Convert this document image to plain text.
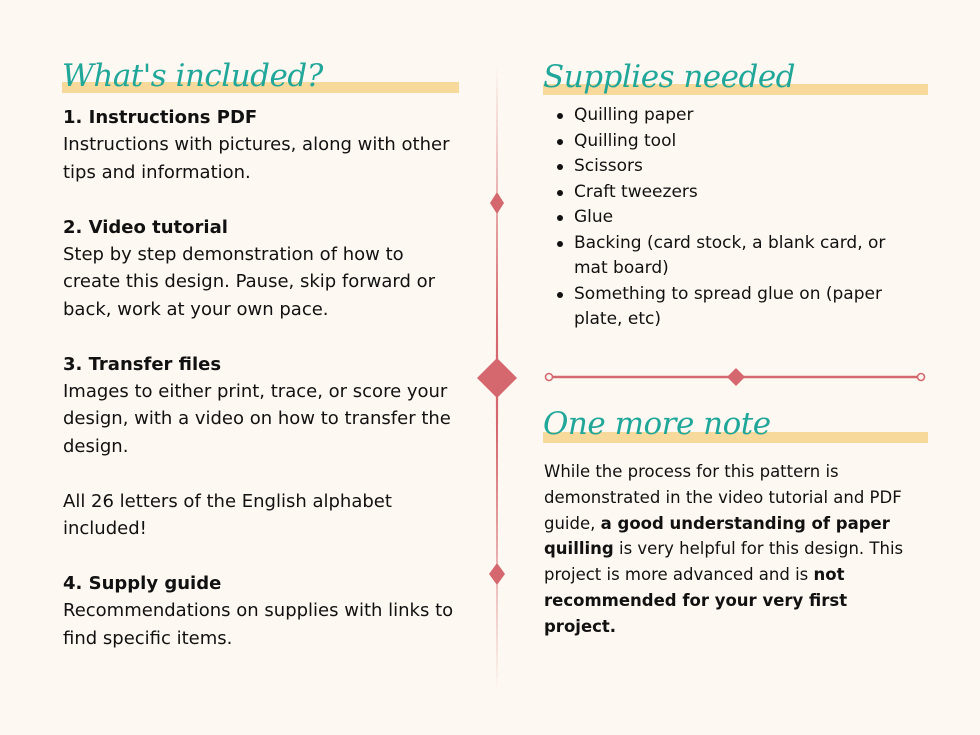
What's included?
1. Instructions PDF
Instructions with pictures, along with other tips and information.
2. Video tutorial
Step by step demonstration of how to create this design. Pause, skip forward or back, work at your own pace.
3. Transfer files
Images to either print, trace, or score your design, with a video on how to transfer the design.
All 26 letters of the English alphabet included!
4. Supply guide
Recommendations on supplies with links to find specific items.
Supplies needed
Quilling paper
Quilling tool
Scissors
Craft tweezers
Glue
Backing (card stock, a blank card, or mat board)
Something to spread glue on (paper plate, etc)
One more note
While the process for this pattern is demonstrated in the video tutorial and PDF guide, a good understanding of paper quilling is very helpful for this design. This project is more advanced and is not recommended for your very first project.
